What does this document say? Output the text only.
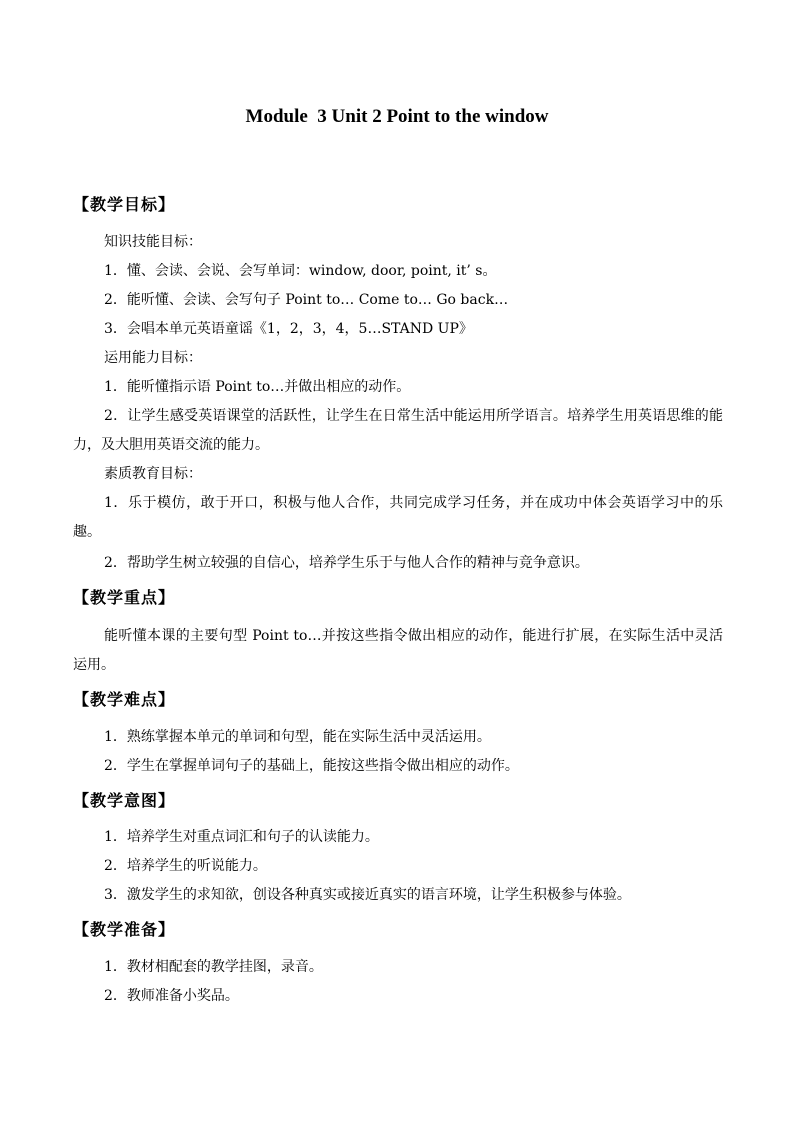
Module  3 Unit 2 Point to the window
【教学目标】
知识技能目标：
1．懂、会读、会说、会写单词：window, door, point, it’ s。
2．能听懂、会读、会写句子 Point to… Come to… Go back…
3．会唱本单元英语童谣《1，2，3，4，5…STAND UP》
运用能力目标：
1．能听懂指示语 Point to…并做出相应的动作。
2．让学生感受英语课堂的活跃性，让学生在日常生活中能运用所学语言。培养学生用英语思维的能力，及大胆用英语交流的能力。
素质教育目标：
1．乐于模仿，敢于开口，积极与他人合作，共同完成学习任务，并在成功中体会英语学习中的乐趣。
2．帮助学生树立较强的自信心，培养学生乐于与他人合作的精神与竞争意识。
【教学重点】
能听懂本课的主要句型 Point to…并按这些指令做出相应的动作，能进行扩展，在实际生活中灵活运用。
【教学难点】
1．熟练掌握本单元的单词和句型，能在实际生活中灵活运用。
2．学生在掌握单词句子的基础上，能按这些指令做出相应的动作。
【教学意图】
1．培养学生对重点词汇和句子的认读能力。
2．培养学生的听说能力。
3．激发学生的求知欲，创设各种真实或接近真实的语言环境，让学生积极参与体验。
【教学准备】
1．教材相配套的教学挂图，录音。
2．教师准备小奖品。
